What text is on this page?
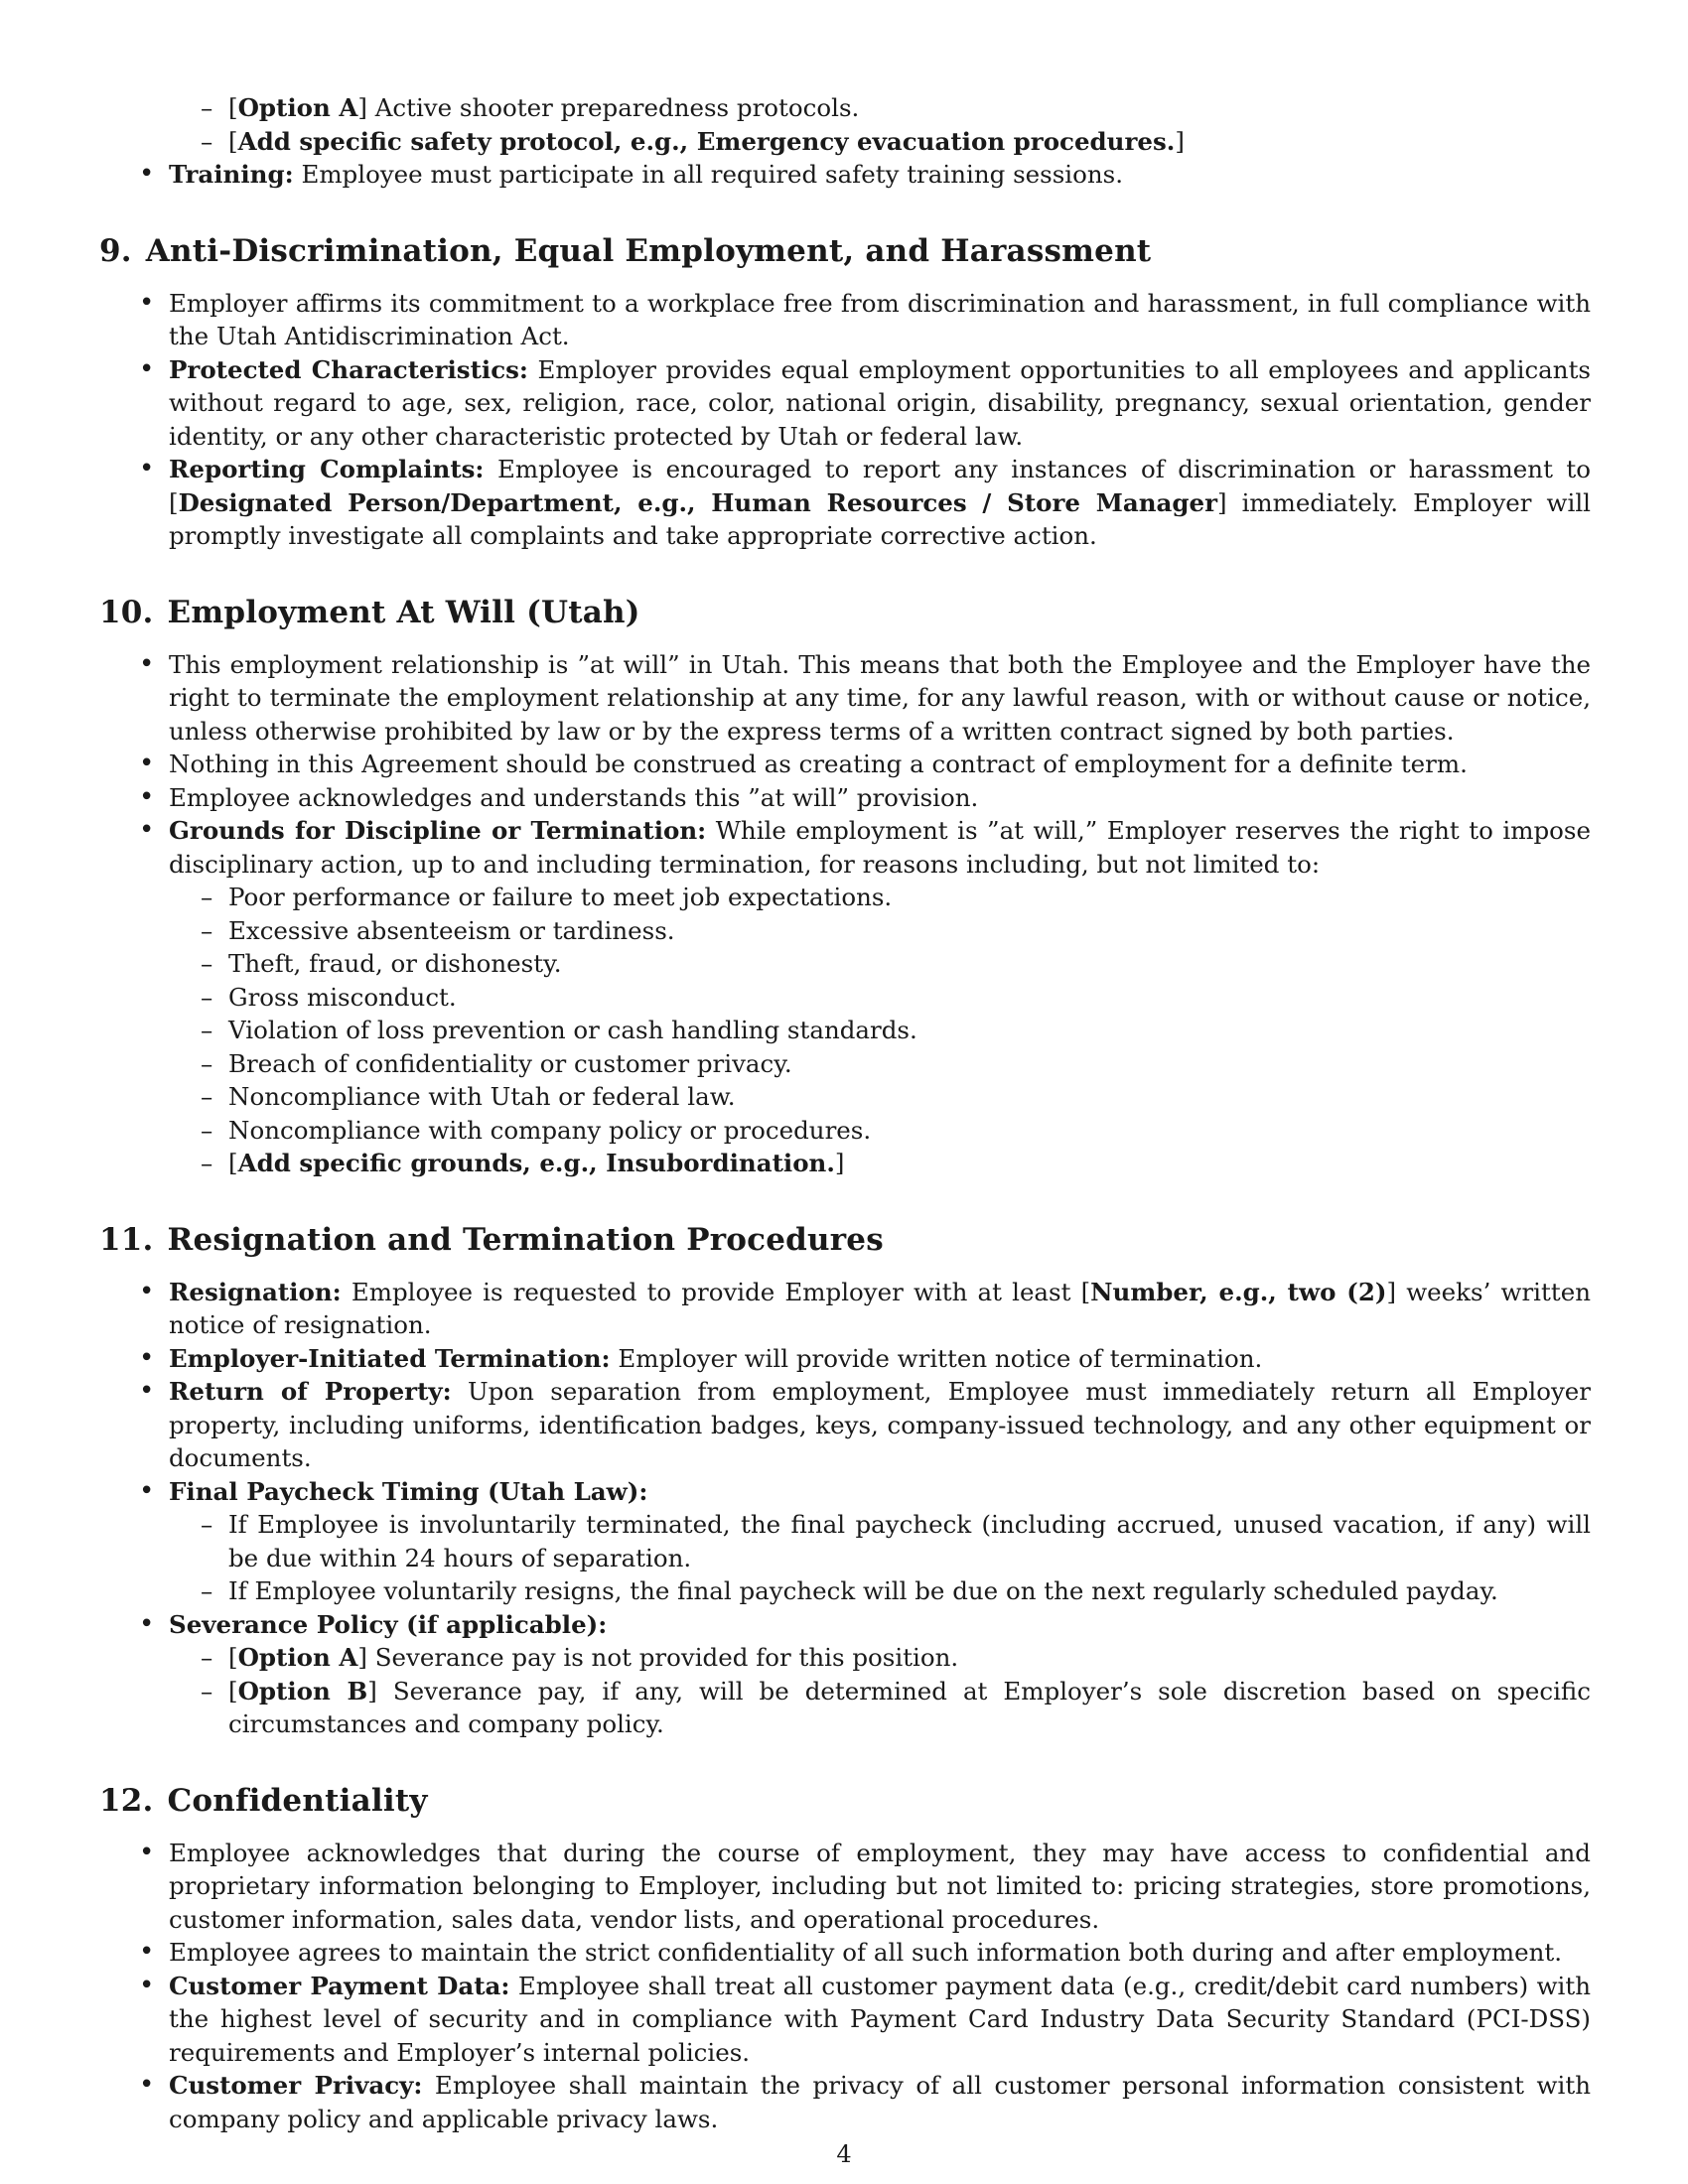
– [Option A] Active shooter preparedness protocols.
– [Add specific safety protocol, e.g., Emergency evacuation procedures.]
• Training: Employee must participate in all required safety training sessions.
9. Anti-Discrimination, Equal Employment, and Harassment
• Employer affirms its commitment to a workplace free from discrimination and harassment, in full compliance with the Utah Antidiscrimination Act.
• Protected Characteristics: Employer provides equal employment opportunities to all employees and applicants without regard to age, sex, religion, race, color, national origin, disability, pregnancy, sexual orientation, gender identity, or any other characteristic protected by Utah or federal law.
• Reporting Complaints: Employee is encouraged to report any instances of discrimination or harassment to [Designated Person/Department, e.g., Human Resources / Store Manager] immediately. Employer will promptly investigate all complaints and take appropriate corrective action.
10. Employment At Will (Utah)
• This employment relationship is ”at will” in Utah. This means that both the Employee and the Employer have the right to terminate the employment relationship at any time, for any lawful reason, with or without cause or notice, unless otherwise prohibited by law or by the express terms of a written contract signed by both parties.
• Nothing in this Agreement should be construed as creating a contract of employment for a definite term.
• Employee acknowledges and understands this ”at will” provision.
• Grounds for Discipline or Termination: While employment is ”at will,” Employer reserves the right to impose disciplinary action, up to and including termination, for reasons including, but not limited to:
– Poor performance or failure to meet job expectations.
– Excessive absenteeism or tardiness.
– Theft, fraud, or dishonesty.
– Gross misconduct.
– Violation of loss prevention or cash handling standards.
– Breach of confidentiality or customer privacy.
– Noncompliance with Utah or federal law.
– Noncompliance with company policy or procedures.
– [Add specific grounds, e.g., Insubordination.]
11. Resignation and Termination Procedures
• Resignation: Employee is requested to provide Employer with at least [Number, e.g., two (2)] weeks’ written notice of resignation.
• Employer-Initiated Termination: Employer will provide written notice of termination.
• Return of Property: Upon separation from employment, Employee must immediately return all Employer property, including uniforms, identification badges, keys, company-issued technology, and any other equipment or documents.
• Final Paycheck Timing (Utah Law):
– If Employee is involuntarily terminated, the final paycheck (including accrued, unused vacation, if any) will be due within 24 hours of separation.
– If Employee voluntarily resigns, the final paycheck will be due on the next regularly scheduled payday.
• Severance Policy (if applicable):
– [Option A] Severance pay is not provided for this position.
– [Option B] Severance pay, if any, will be determined at Employer’s sole discretion based on specific circumstances and company policy.
12. Confidentiality
• Employee acknowledges that during the course of employment, they may have access to confidential and proprietary information belonging to Employer, including but not limited to: pricing strategies, store promotions, customer information, sales data, vendor lists, and operational procedures.
• Employee agrees to maintain the strict confidentiality of all such information both during and after employment.
• Customer Payment Data: Employee shall treat all customer payment data (e.g., credit/debit card numbers) with the highest level of security and in compliance with Payment Card Industry Data Security Standard (PCI-DSS) requirements and Employer’s internal policies.
• Customer Privacy: Employee shall maintain the privacy of all customer personal information consistent with company policy and applicable privacy laws.
4
